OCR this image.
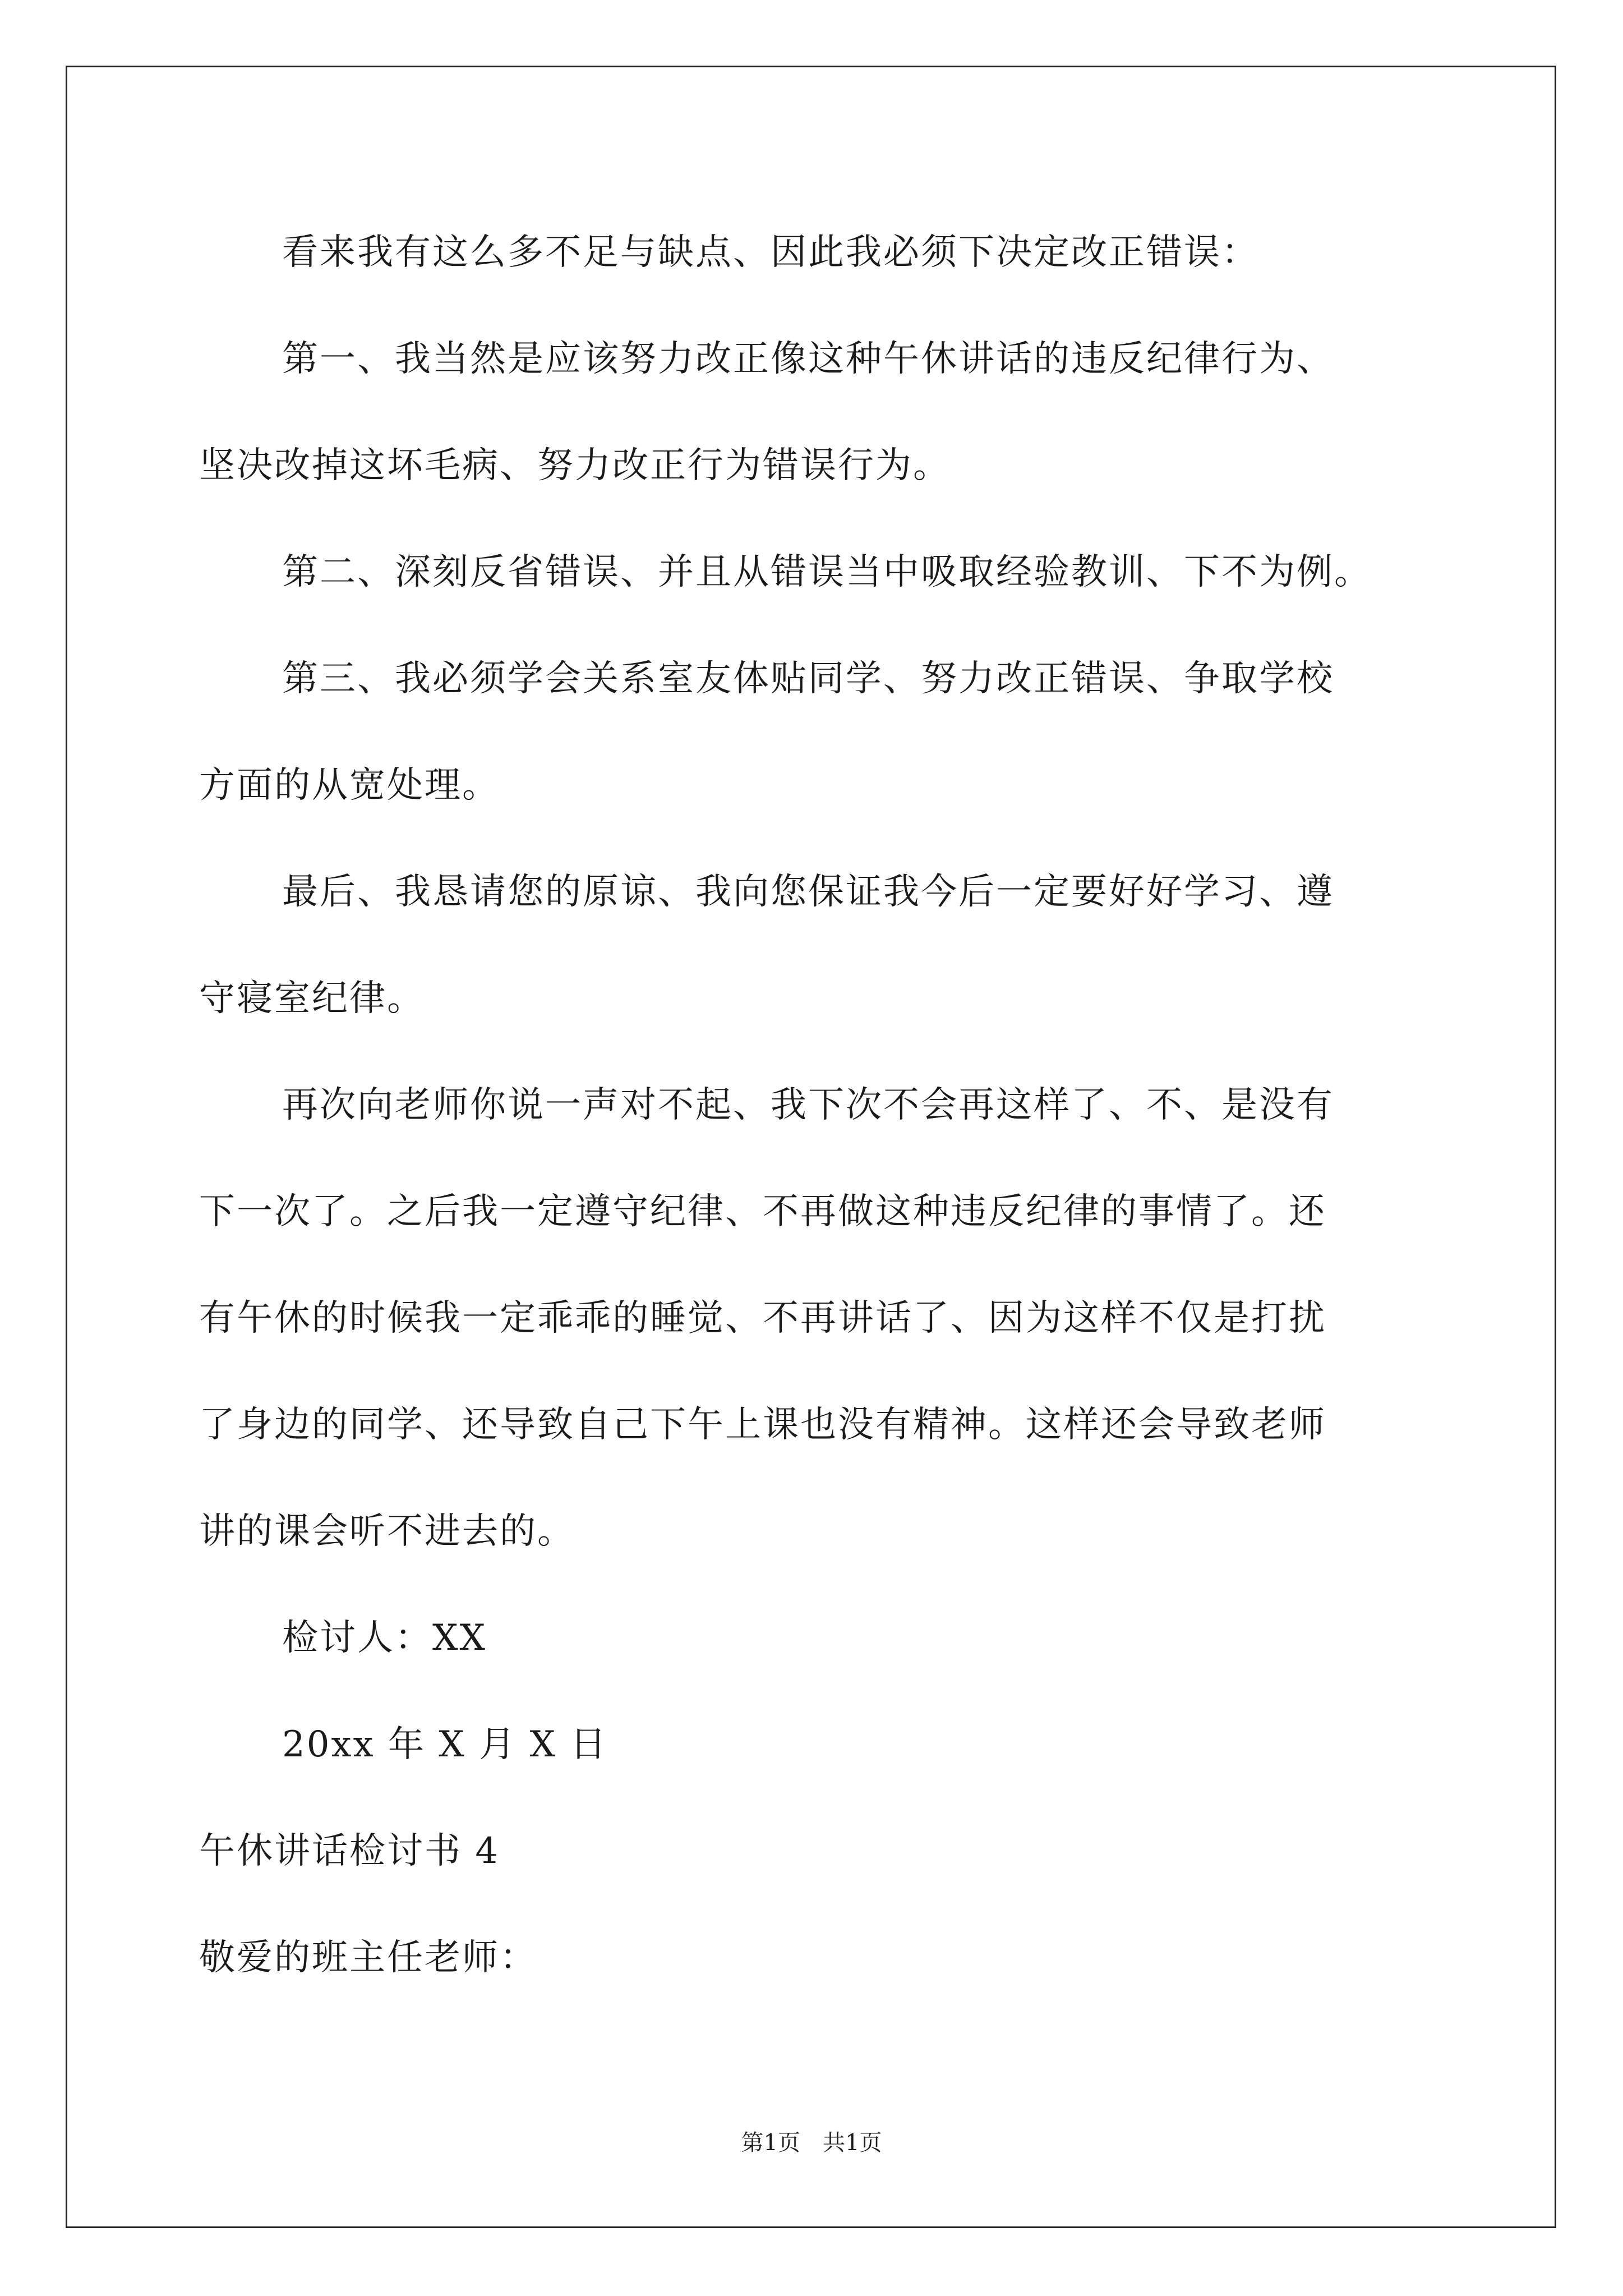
看来我有这么多不足与缺点、因此我必须下决定改正错误：
第一、我当然是应该努力改正像这种午休讲话的违反纪律行为、
坚决改掉这坏毛病、努力改正行为错误行为。
第二、深刻反省错误、并且从错误当中吸取经验教训、下不为例。
第三、我必须学会关系室友体贴同学、努力改正错误、争取学校
方面的从宽处理。
最后、我恳请您的原谅、我向您保证我今后一定要好好学习、遵
守寝室纪律。
再次向老师你说一声对不起、我下次不会再这样了、不、是没有
下一次了。之后我一定遵守纪律、不再做这种违反纪律的事情了。还
有午休的时候我一定乖乖的睡觉、不再讲话了、因为这样不仅是打扰
了身边的同学、还导致自己下午上课也没有精神。这样还会导致老师
讲的课会听不进去的。
检讨人：XX
20xx 年 X 月 X 日
午休讲话检讨书 4
敬爱的班主任老师：
第1页　共1页
